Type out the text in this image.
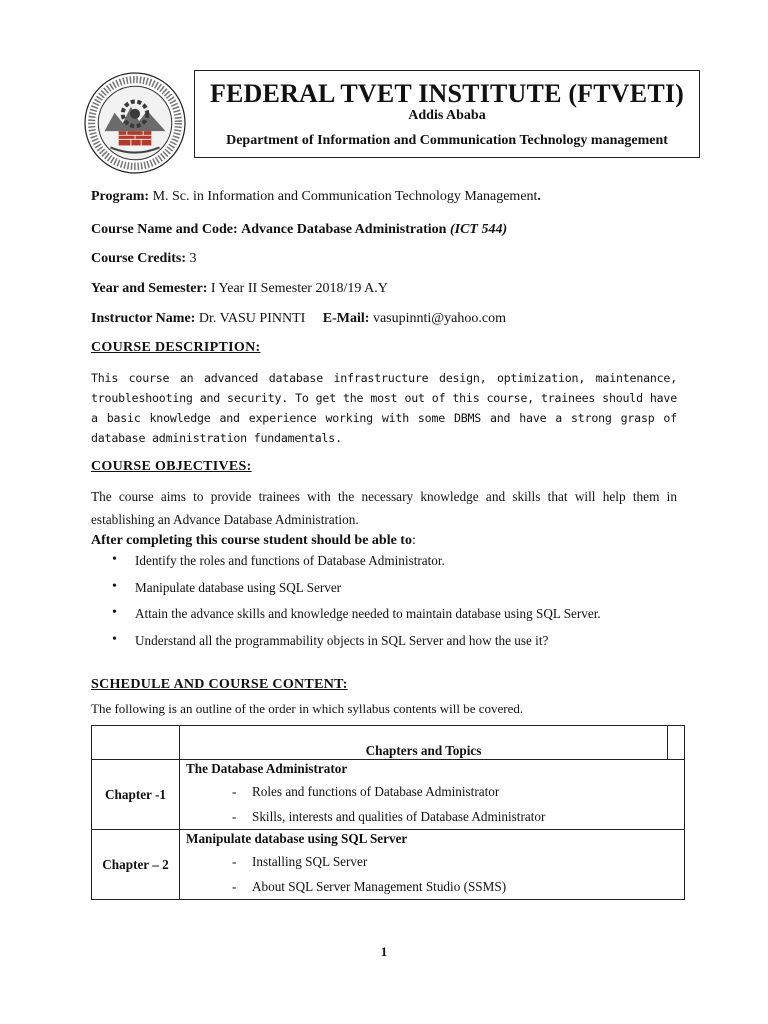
FEDERAL TVET INSTITUTE (FTVETI)
Addis Ababa
Department of Information and Communication Technology management
Program: M. Sc. in Information and Communication Technology Management.
Course Name and Code: Advance Database Administration (ICT 544)
Course Credits: 3
Year and Semester: I Year II Semester 2018/19 A.Y
Instructor Name: Dr. VASU PINNTI E-Mail: vasupinnti@yahoo.com
COURSE DESCRIPTION:
This course an advanced database infrastructure design, optimization, maintenance, troubleshooting and security. To get the most out of this course, trainees should have a basic knowledge and experience working with some DBMS and have a strong grasp of database administration fundamentals.
COURSE OBJECTIVES:
The course aims to provide trainees with the necessary knowledge and skills that will help them in establishing an Advance Database Administration.
After completing this course student should be able to:
• Identify the roles and functions of Database Administrator.
• Manipulate database using SQL Server
• Attain the advance skills and knowledge needed to maintain database using SQL Server.
• Understand all the programmability objects in SQL Server and how the use it?
SCHEDULE AND COURSE CONTENT:
The following is an outline of the order in which syllabus contents will be covered.
	Chapters and Topics	
Chapter -1	The Database Administrator
- Roles and functions of Database Administrator
- Skills, interests and qualities of Database Administrator	

Chapter – 2	Manipulate database using SQL Server
- Installing SQL Server
- About SQL Server Management Studio (SSMS)	
1
